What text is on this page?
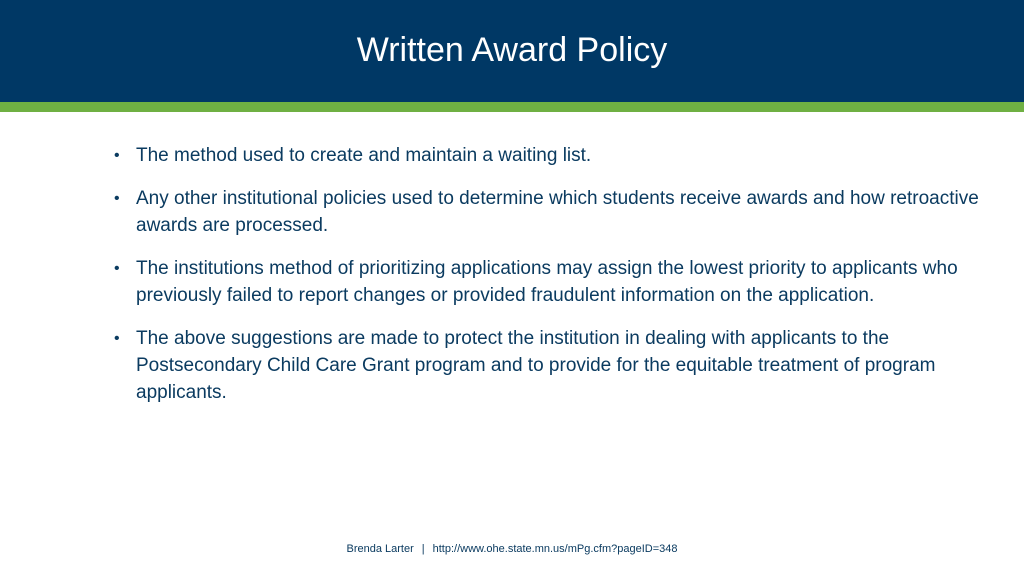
Written Award Policy
• The method used to create and maintain a waiting list.
• Any other institutional policies used to determine which students receive awards and how retroactive awards are processed.
• The institutions method of prioritizing applications may assign the lowest priority to applicants who previously failed to report changes or provided fraudulent information on the application.
• The above suggestions are made to protect the institution in dealing with applicants to the Postsecondary Child Care Grant program and to provide for the equitable treatment of program applicants.
Brenda Larter | http://www.ohe.state.mn.us/mPg.cfm?pageID=348
